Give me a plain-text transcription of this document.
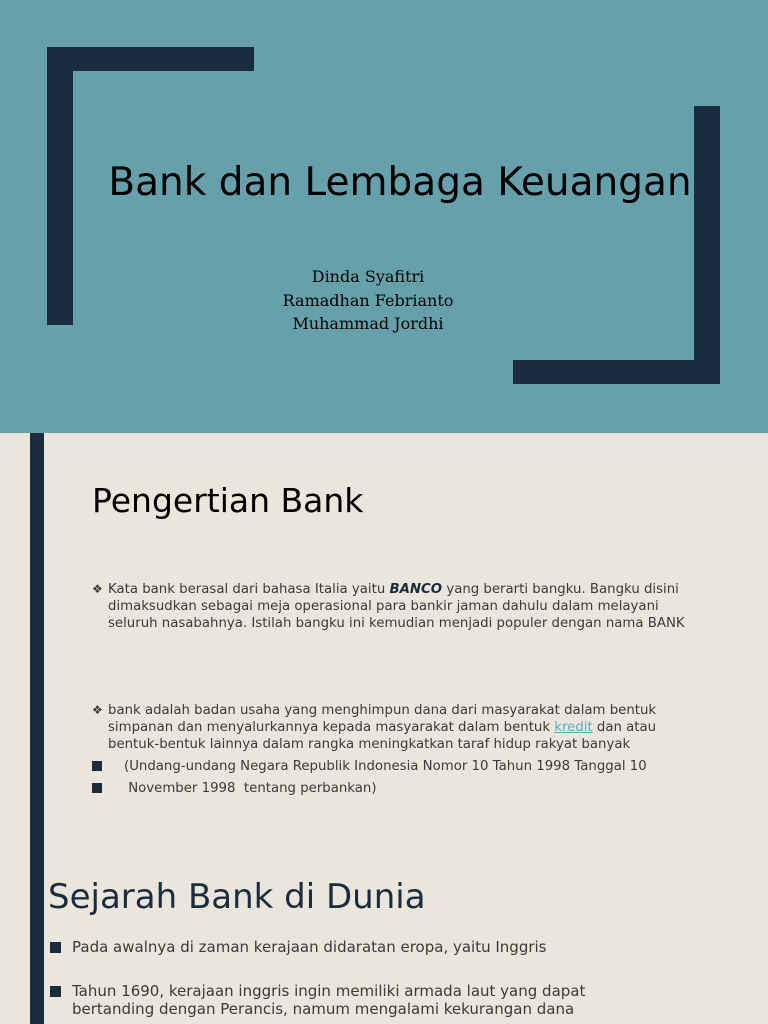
Bank dan Lembaga Keuangan
Dinda Syafitri
Ramadhan Febrianto
Muhammad Jordhi
Pengertian Bank
❖ Kata bank berasal dari bahasa Italia yaitu BANCO yang berarti bangku. Bangku disini dimaksudkan sebagai meja operasional para bankir jaman dahulu dalam melayani seluruh nasabahnya. Istilah bangku ini kemudian menjadi populer dengan nama BANK
❖ bank adalah badan usaha yang menghimpun dana dari masyarakat dalam bentuk simpanan dan menyalurkannya kepada masyarakat dalam bentuk kredit dan atau bentuk-bentuk lainnya dalam rangka meningkatkan taraf hidup rakyat banyak
(Undang-undang Negara Republik Indonesia Nomor 10 Tahun 1998 Tanggal 10
November 1998  tentang perbankan)
Sejarah Bank di Dunia
Pada awalnya di zaman kerajaan didaratan eropa, yaitu Inggris
Tahun 1690, kerajaan inggris ingin memiliki armada laut yang dapat bertanding dengan Perancis, namum mengalami kekurangan dana
